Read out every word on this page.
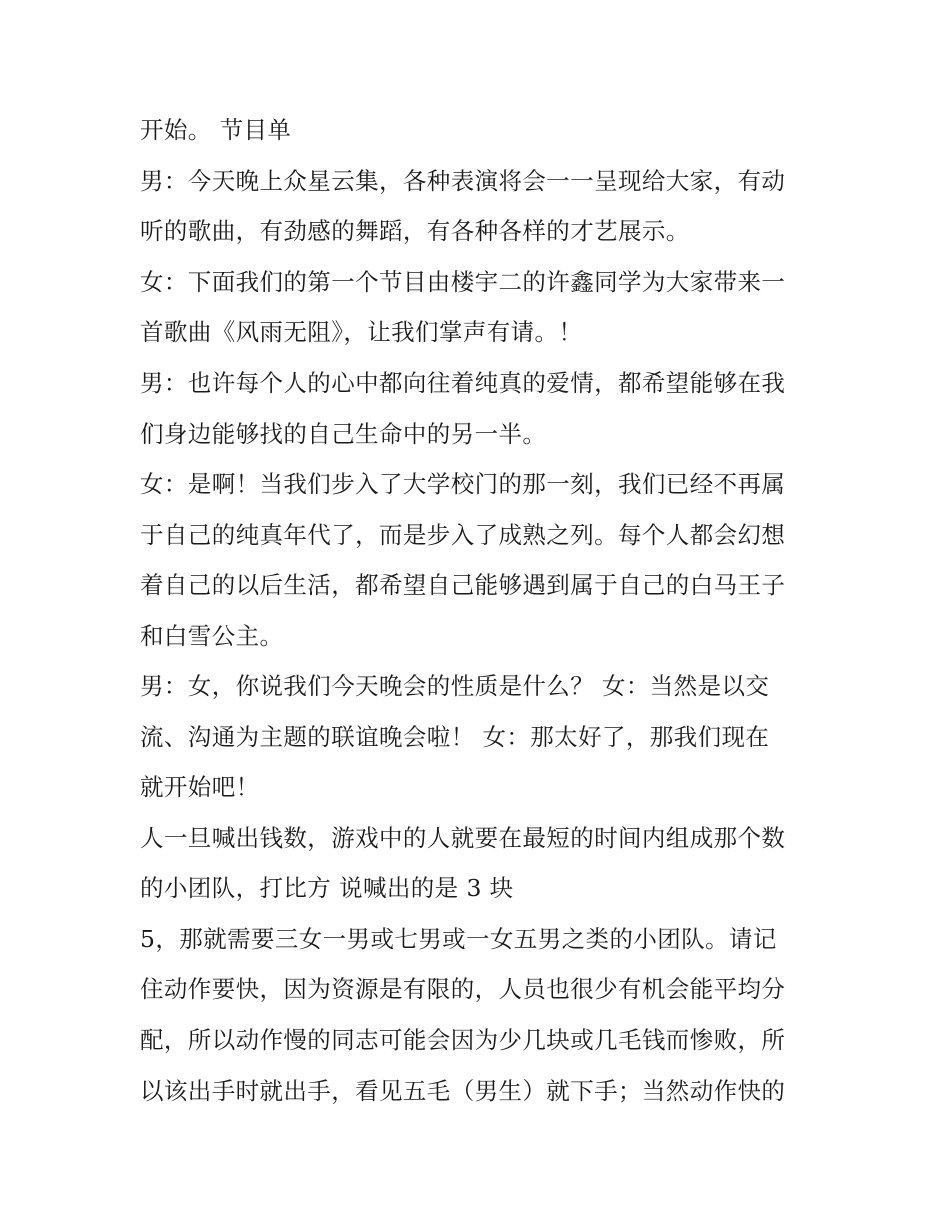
开始。 节目单
男：今天晚上众星云集，各种表演将会一一呈现给大家，有动
听的歌曲，有劲感的舞蹈，有各种各样的才艺展示。
女：下面我们的第一个节目由楼宇二的许鑫同学为大家带来一
首歌曲《风雨无阻》，让我们掌声有请。！
男：也许每个人的心中都向往着纯真的爱情，都希望能够在我
们身边能够找的自己生命中的另一半。
女：是啊！当我们步入了大学校门的那一刻，我们已经不再属
于自己的纯真年代了，而是步入了成熟之列。每个人都会幻想
着自己的以后生活，都希望自己能够遇到属于自己的白马王子
和白雪公主。
男：女，你说我们今天晚会的性质是什么？ 女：当然是以交
流、沟通为主题的联谊晚会啦！ 女：那太好了，那我们现在
就开始吧！
人一旦喊出钱数，游戏中的人就要在最短的时间内组成那个数
的小团队，打比方 说喊出的是 3 块
5，那就需要三女一男或七男或一女五男之类的小团队。请记
住动作要快，因为资源是有限的，人员也很少有机会能平均分
配，所以动作慢的同志可能会因为少几块或几毛钱而惨败，所
以该出手时就出手，看见五毛（男生）就下手；当然动作快的
